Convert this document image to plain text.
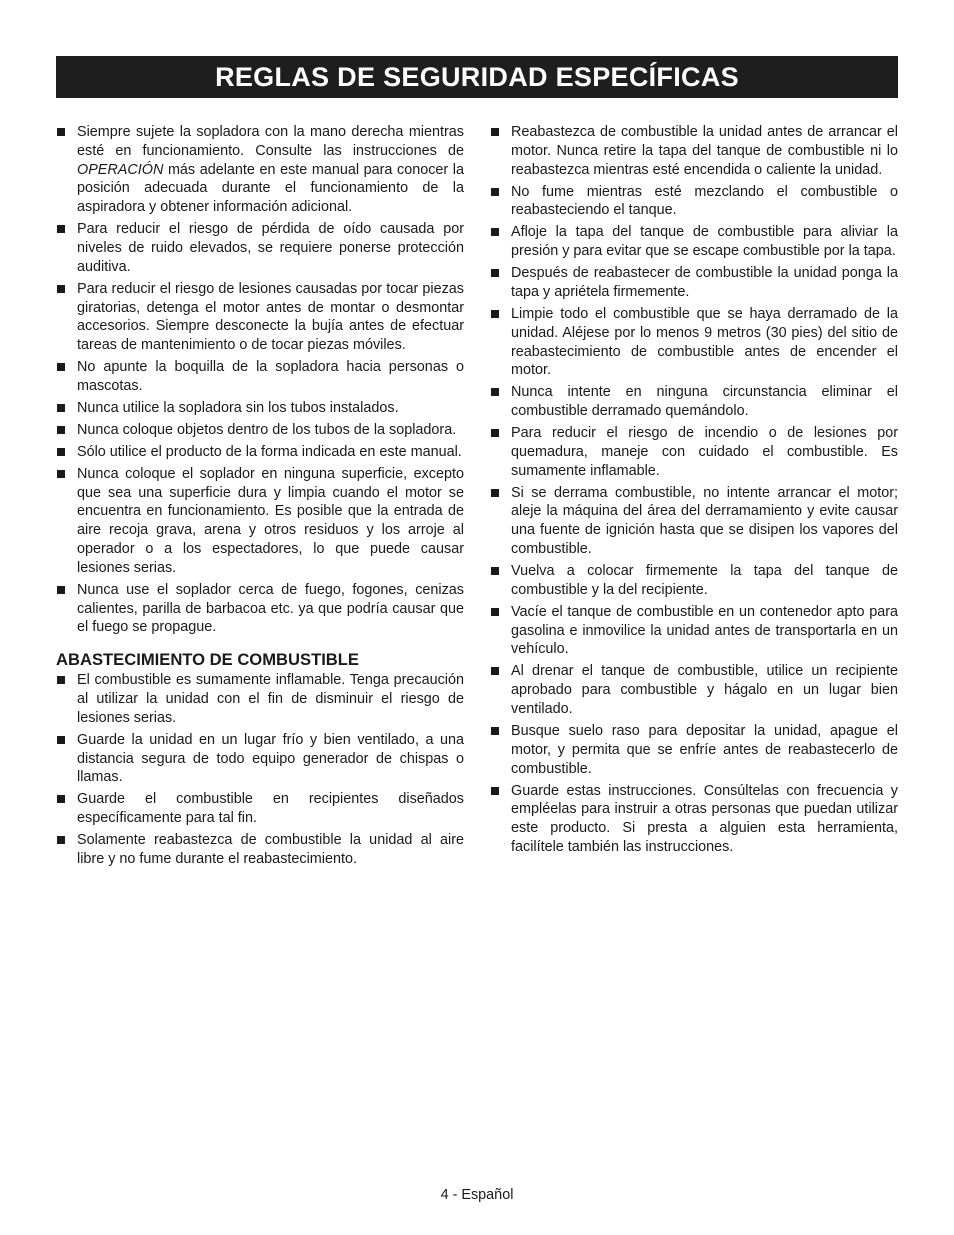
REGLAS DE SEGURIDAD ESPECÍFICAS
Siempre sujete la sopladora con la mano derecha mientras esté en funcionamiento. Consulte las instrucciones de OPERACIÓN más adelante en este manual para conocer la posición adecuada durante el funcionamiento de la aspiradora y obtener información adicional.
Para reducir el riesgo de pérdida de oído causada por niveles de ruido elevados, se requiere ponerse protección auditiva.
Para reducir el riesgo de lesiones causadas por tocar piezas giratorias, detenga el motor antes de montar o desmontar accesorios. Siempre desconecte la bujía antes de efectuar tareas de mantenimiento o de tocar piezas móviles.
No apunte la boquilla de la sopladora hacia personas o mascotas.
Nunca utilice la sopladora sin los tubos instalados.
Nunca coloque objetos dentro de los tubos de la sopladora.
Sólo utilice el producto de la forma indicada en este manual.
Nunca coloque el soplador en ninguna superficie, excepto que sea una superficie dura y limpia cuando el motor se encuentra en funcionamiento. Es posible que la entrada de aire recoja grava, arena y otros residuos y los arroje al operador o a los espectadores, lo que puede causar lesiones serias.
Nunca use el soplador cerca de fuego, fogones, cenizas calientes, parilla de barbacoa etc. ya que podría causar que el fuego se propague.
ABASTECIMIENTO DE COMBUSTIBLE
El combustible es sumamente inflamable. Tenga precaución al utilizar la unidad con el fin de disminuir el riesgo de lesiones serias.
Guarde la unidad en un lugar frío y bien ventilado, a una distancia segura de todo equipo generador de chispas o llamas.
Guarde el combustible en recipientes diseñados específicamente para tal fin.
Solamente reabastezca de combustible la unidad al aire libre y no fume durante el reabastecimiento.
Reabastezca de combustible la unidad antes de arrancar el motor. Nunca retire la tapa del tanque de combustible ni lo reabastezca mientras esté encendida o caliente la unidad.
No fume mientras esté mezclando el combustible o reabasteciendo el tanque.
Afloje la tapa del tanque de combustible para aliviar la presión y para evitar que se escape combustible por la tapa.
Después de reabastecer de combustible la unidad ponga la tapa y apriétela firmemente.
Limpie todo el combustible que se haya derramado de la unidad. Aléjese por lo menos 9 metros (30 pies) del sitio de reabastecimiento de combustible antes de encender el motor.
Nunca intente en ninguna circunstancia eliminar el combustible derramado quemándolo.
Para reducir el riesgo de incendio o de lesiones por quemadura, maneje con cuidado el combustible. Es sumamente inflamable.
Si se derrama combustible, no intente arrancar el motor; aleje la máquina del área del derramamiento y evite causar una fuente de ignición hasta que se disipen los vapores del combustible.
Vuelva a colocar firmemente la tapa del tanque de combustible y la del recipiente.
Vacíe el tanque de combustible en un contenedor apto para gasolina e inmovilice la unidad antes de transportarla en un vehículo.
Al drenar el tanque de combustible, utilice un recipiente aprobado para combustible y hágalo en un lugar bien ventilado.
Busque suelo raso para depositar la unidad, apague el motor, y permita que se enfríe antes de reabastecerlo de combustible.
Guarde estas instrucciones. Consúltelas con frecuencia y empléelas para instruir a otras personas que puedan utilizar este producto. Si presta a alguien esta herramienta, facilítele también las instrucciones.
4 - Español
